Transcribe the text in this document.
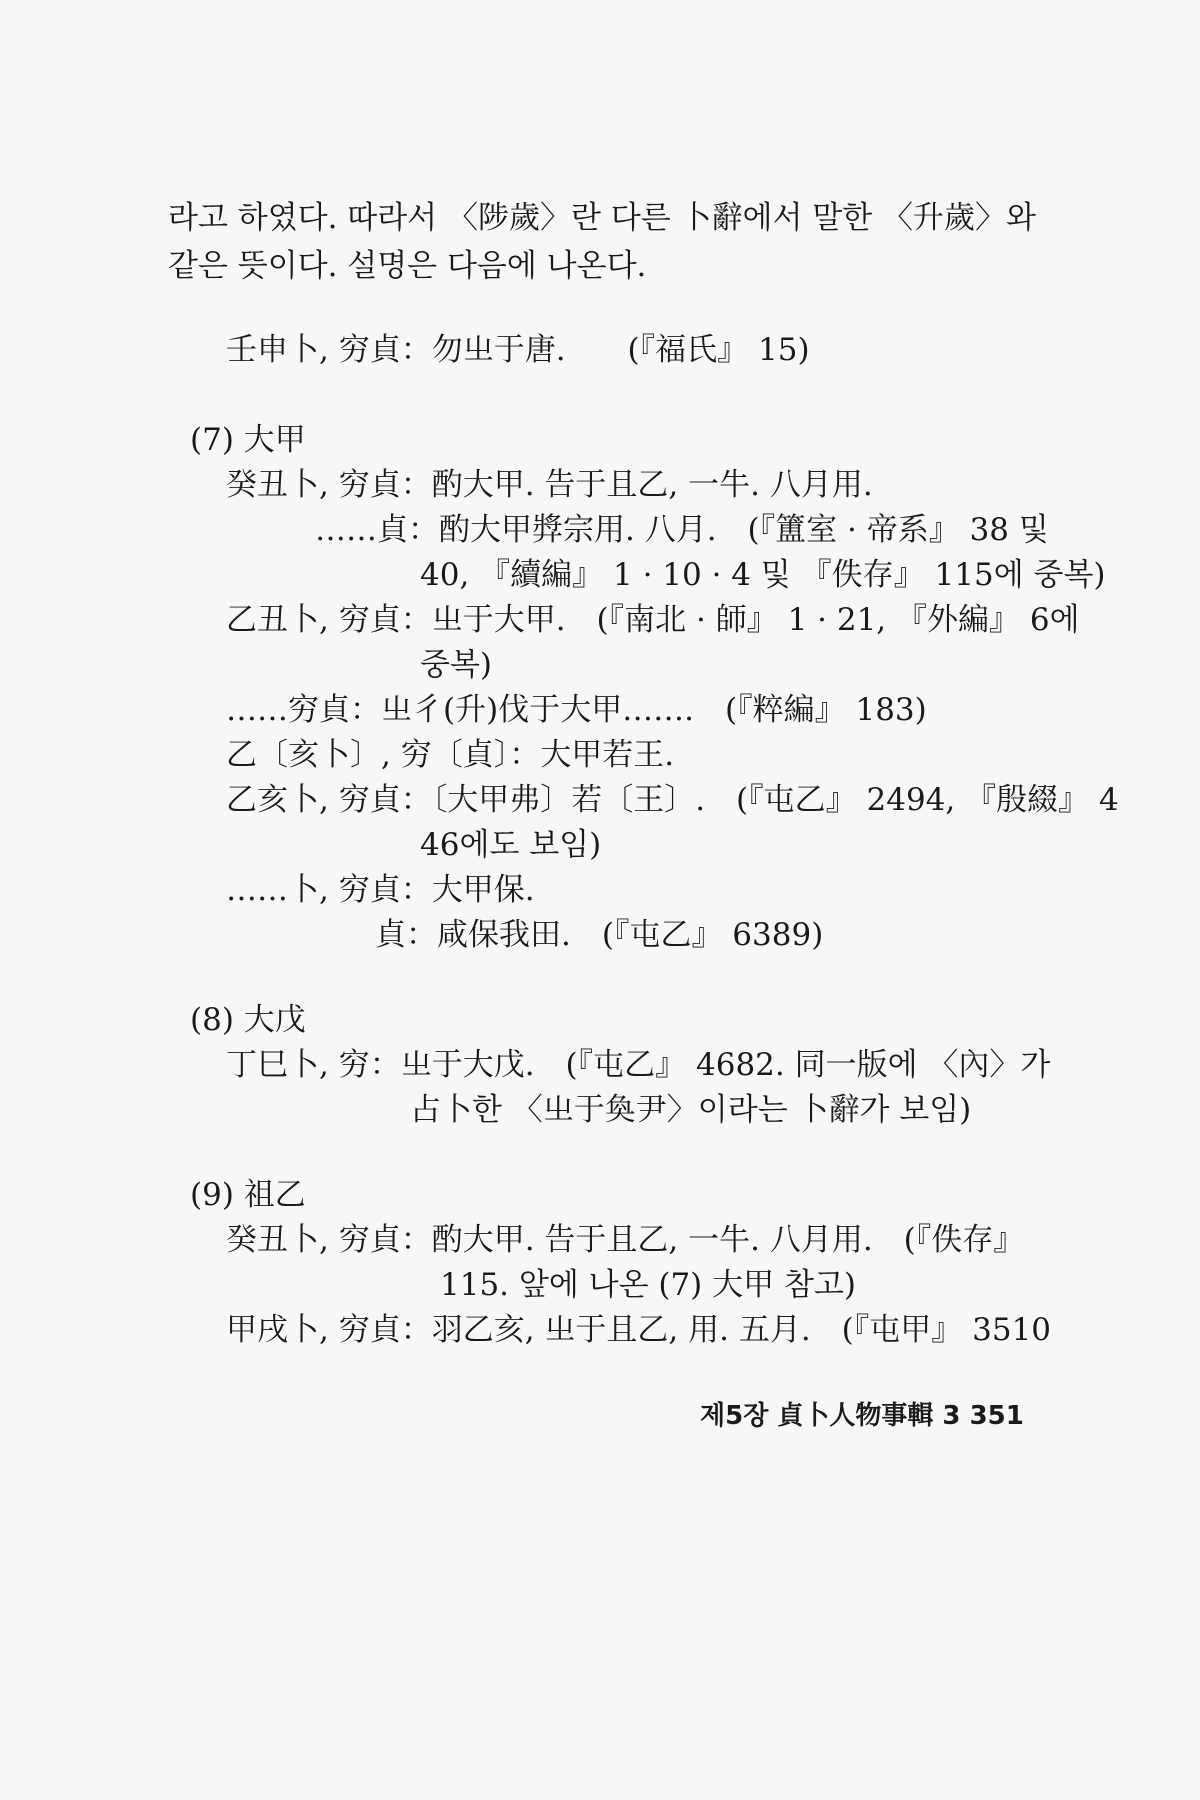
라고 하였다. 따라서 〈陟歲〉란 다른 卜辭에서 말한 〈升歲〉와
같은 뜻이다. 설명은 다음에 나온다.
壬申卜, 穷貞：勿㞢于唐.　　(『福氏』 15)
(7) 大甲
癸丑卜, 穷貞：酌大甲. 告于且乙, 一牛. 八月用.
……貞：酌大甲㢡宗用. 八月.　(『簠室 · 帝系』 38 및
40, 『續編』 1 · 10 · 4 및 『佚存』 115에 중복)
乙丑卜, 穷貞：㞢于大甲.　(『南北 · 師』 1 · 21, 『外編』 6에
중복)
……穷貞：㞢彳(升)伐于大甲…….　(『粹編』 183)
乙〔亥卜〕, 穷〔貞〕：大甲若王.
乙亥卜, 穷貞：〔大甲弗〕若〔王〕.　(『屯乙』 2494, 『殷綴』 4
46에도 보임)
……卜, 穷貞：大甲保.
貞：咸保我田.　(『屯乙』 6389)
(8) 大戊
丁巳卜, 穷：㞢于大戊.　(『屯乙』 4682. 同一版에 〈內〉가
占卜한 〈㞢于奐尹〉이라는 卜辭가 보임)
(9) 祖乙
癸丑卜, 穷貞：酌大甲. 告于且乙, 一牛. 八月用.　(『佚存』
115. 앞에 나온 (7) 大甲 참고)
甲戌卜, 穷貞：羽乙亥, 㞢于且乙, 用. 五月.　(『屯甲』 3510
제5장 貞卜人物事輯 3 351
